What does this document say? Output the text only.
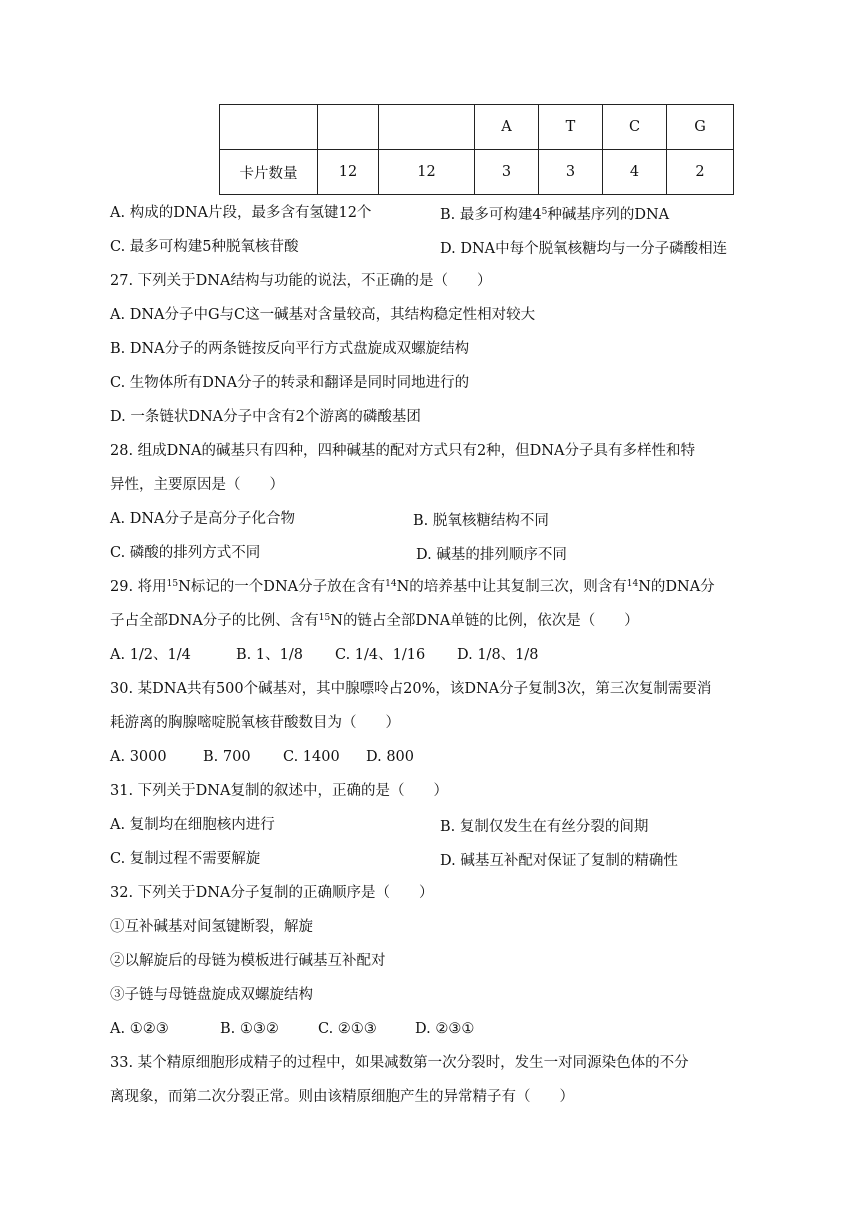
			A	T	C	G
卡片数量	12	12	3	3	4	2
A. 构成的DNA片段，最多含有氢键12个	B. 最多可构建$4^5$种碱基序列的DNA
C. 最多可构建5种脱氧核苷酸	D. DNA中每个脱氧核糖均与一分子磷酸相连
27. 下列关于DNA结构与功能的说法，不正确的是（　　）
A. DNA分子中G与C这一碱基对含量较高，其结构稳定性相对较大
B. DNA分子的两条链按反向平行方式盘旋成双螺旋结构
C. 生物体所有DNA分子的转录和翻译是同时同地进行的
D. 一条链状DNA分子中含有2个游离的磷酸基团
28. 组成DNA的碱基只有四种，四种碱基的配对方式只有2种，但DNA分子具有多样性和特
异性，主要原因是（　　）
A. DNA分子是高分子化合物	B. 脱氧核糖结构不同
C. 磷酸的排列方式不同	D. 碱基的排列顺序不同
29. 将用$^{15}$N标记的一个DNA分子放在含有$^{14}$N的培养基中让其复制三次，则含有$^{14}$N的DNA分
子占全部DNA分子的比例、含有$^{15}$N的链占全部DNA单链的比例，依次是（　　）
A. 1/2、1/4	B. 1、1/8 C. 1/4、1/16 D. 1/8、1/8
30. 某DNA共有500个碱基对，其中腺嘌呤占20%，该DNA分子复制3次，第三次复制需要消
耗游离的胸腺嘧啶脱氧核苷酸数目为（　　）
A. 3000	B. 700 C. 1400 D. 800
31. 下列关于DNA复制的叙述中，正确的是（　　）
A. 复制均在细胞核内进行	B. 复制仅发生在有丝分裂的间期
C. 复制过程不需要解旋	D. 碱基互补配对保证了复制的精确性
32. 下列关于DNA分子复制的正确顺序是（　　）
①互补碱基对间氢键断裂，解旋
②以解旋后的母链为模板进行碱基互补配对
③子链与母链盘旋成双螺旋结构
A. ①②③	B. ①③②	C. ②①③	D. ②③①
33. 某个精原细胞形成精子的过程中，如果减数第一次分裂时，发生一对同源染色体的不分
离现象，而第二次分裂正常。则由该精原细胞产生的异常精子有（　　）
